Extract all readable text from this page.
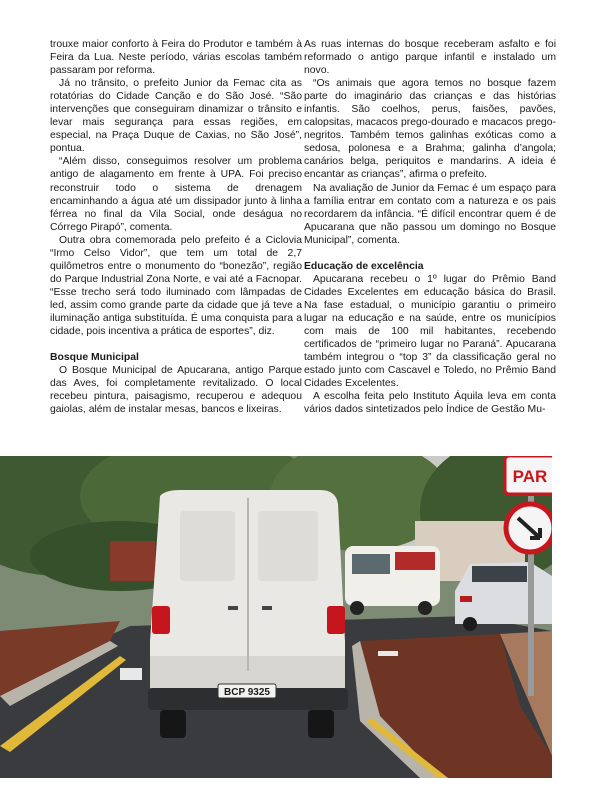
trouxe maior conforto à Feira do Produtor e também à Feira da Lua. Neste período, várias escolas também passaram por reforma.

Já no trânsito, o prefeito Junior da Femac cita as rotatórias do Cidade Canção e do São José. “São intervenções que conseguiram dinamizar o trânsito e levar mais segurança para essas regiões, em especial, na Praça Duque de Caxias, no São José”, pontua.

“Além disso, conseguimos resolver um problema antigo de alagamento em frente à UPA. Foi preciso reconstruir todo o sistema de drenagem encaminhando a água até um dissipador junto à linha férrea no final da Vila Social, onde deságua no Córrego Pirapó”, comenta.

Outra obra comemorada pelo prefeito é a Ciclovia “Irmo Celso Vidor”, que tem um total de 2,7 quilômetros entre o monumento do “bonezão”, região do Parque Industrial Zona Norte, e vai até a Facnopar. “Esse trecho será todo iluminado com lâmpadas de led, assim como grande parte da cidade que já teve a iluminação antiga substituída. É uma conquista para a cidade, pois incentiva a prática de esportes”, diz.

Bosque Municipal

O Bosque Municipal de Apucarana, antigo Parque das Aves, foi completamente revitalizado. O local recebeu pintura, paisagismo, recuperou e adequou gaiolas, além de instalar mesas, bancos e lixeiras.

As ruas internas do bosque receberam asfalto e foi reformado o antigo parque infantil e instalado um novo.

“Os animais que agora temos no bosque fazem parte do imaginário das crianças e das histórias infantis. São coelhos, perus, faisões, pavões, calopsitas, macacos prego-dourado e macacos prego-negritos. Também temos galinhas exóticas como a sedosa, polonesa e a Brahma; galinha d’angola; canários belga, periquitos e mandarins. A ideia é encantar as crianças”, afirma o prefeito.

Na avaliação de Junior da Femac é um espaço para a família entrar em contato com a natureza e os pais recordarem da infância. “É difícil encontrar quem é de Apucarana que não passou um domingo no Bosque Municipal”, comenta.

Educação de excelência

Apucarana recebeu o 1º lugar do Prêmio Band Cidades Excelentes em educação básica do Brasil. Na fase estadual, o município garantiu o primeiro lugar na educação e na saúde, entre os municípios com mais de 100 mil habitantes, recebendo certificados de “primeiro lugar no Paraná”. Apucarana também integrou o “top 3” da classificação geral no estado junto com Cascavel e Toledo, no Prêmio Band Cidades Excelentes.

A escolha feita pelo Instituto Áquila leva em conta vários dados sintetizados pelo Índice de Gestão Mu-

BCP 9325
PAR
